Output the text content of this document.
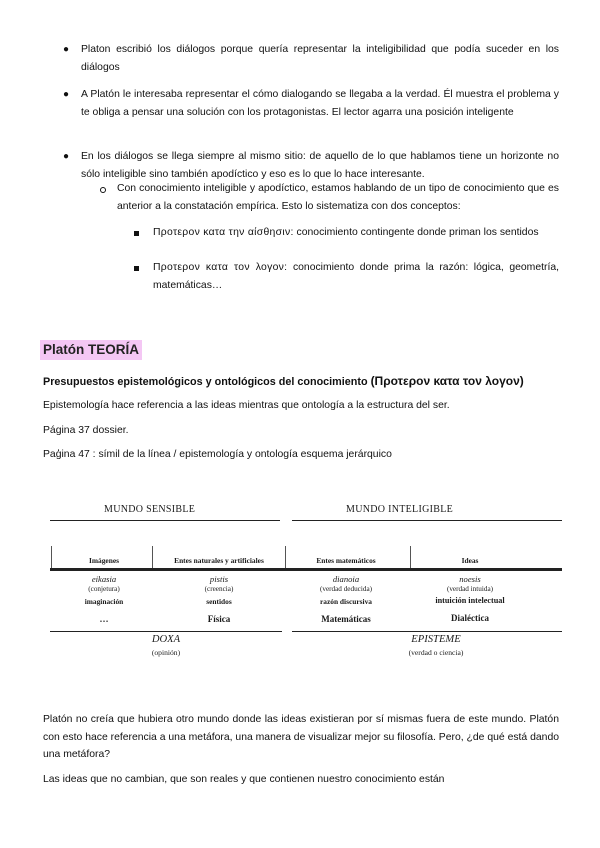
● Platon escribió los diálogos porque quería representar la inteligibilidad que podía suceder en los diálogos

● A Platón le interesaba representar el cómo dialogando se llegaba a la verdad. Él muestra el problema y te obliga a pensar una solución con los protagonistas. El lector agarra una posición inteligente

● En los diálogos se llega siempre al mismo sitio: de aquello de lo que hablamos tiene un horizonte no sólo inteligible sino también apodíctico y eso es lo que lo hace interesante.

Con conocimiento inteligible y apodíctico, estamos hablando de un tipo de conocimiento que es anterior a la constatación empírica. Esto lo sistematiza con dos conceptos:

Προτερον κατα την αίσθησιν: conocimiento contingente donde priman los sentidos

Προτερον κατα τον λογον: conocimiento donde prima la razón: lógica, geometría, matemáticas…

Platón TEORÍA
Presupuestos epistemológicos y ontológicos del conocimiento (Προτερον κατα τον λογον)

Epistemología hace referencia a las ideas mientras que ontología a la estructura del ser.

Página 37 dossier.

Paģina 47 : símil de la línea / epistemología y ontología esquema jerárquico

MUNDO SENSIBLE	MUNDO INTELIGIBLE
Imágenes	Entes naturales y artificiales	Entes matemáticos	Ideas
eikasia	pistis	dianoia	noesis
(conjetura)	(creencia)	(verdad deducida)	(verdad intuida)
imaginación	sentidos	razón discursiva	intuición intelectual
…	Física	Matemáticas	Dialéctica
DOXA
(opinión)
EPISTEME
(verdad o ciencia)

Platón no creía que hubiera otro mundo donde las ideas existieran por sí mismas fuera de este mundo. Platón con esto hace referencia a una metáfora, una manera de visualizar mejor su filosofía. Pero, ¿de qué está dando una metáfora?

Las ideas que no cambian, que son reales y que contienen nuestro conocimiento están
